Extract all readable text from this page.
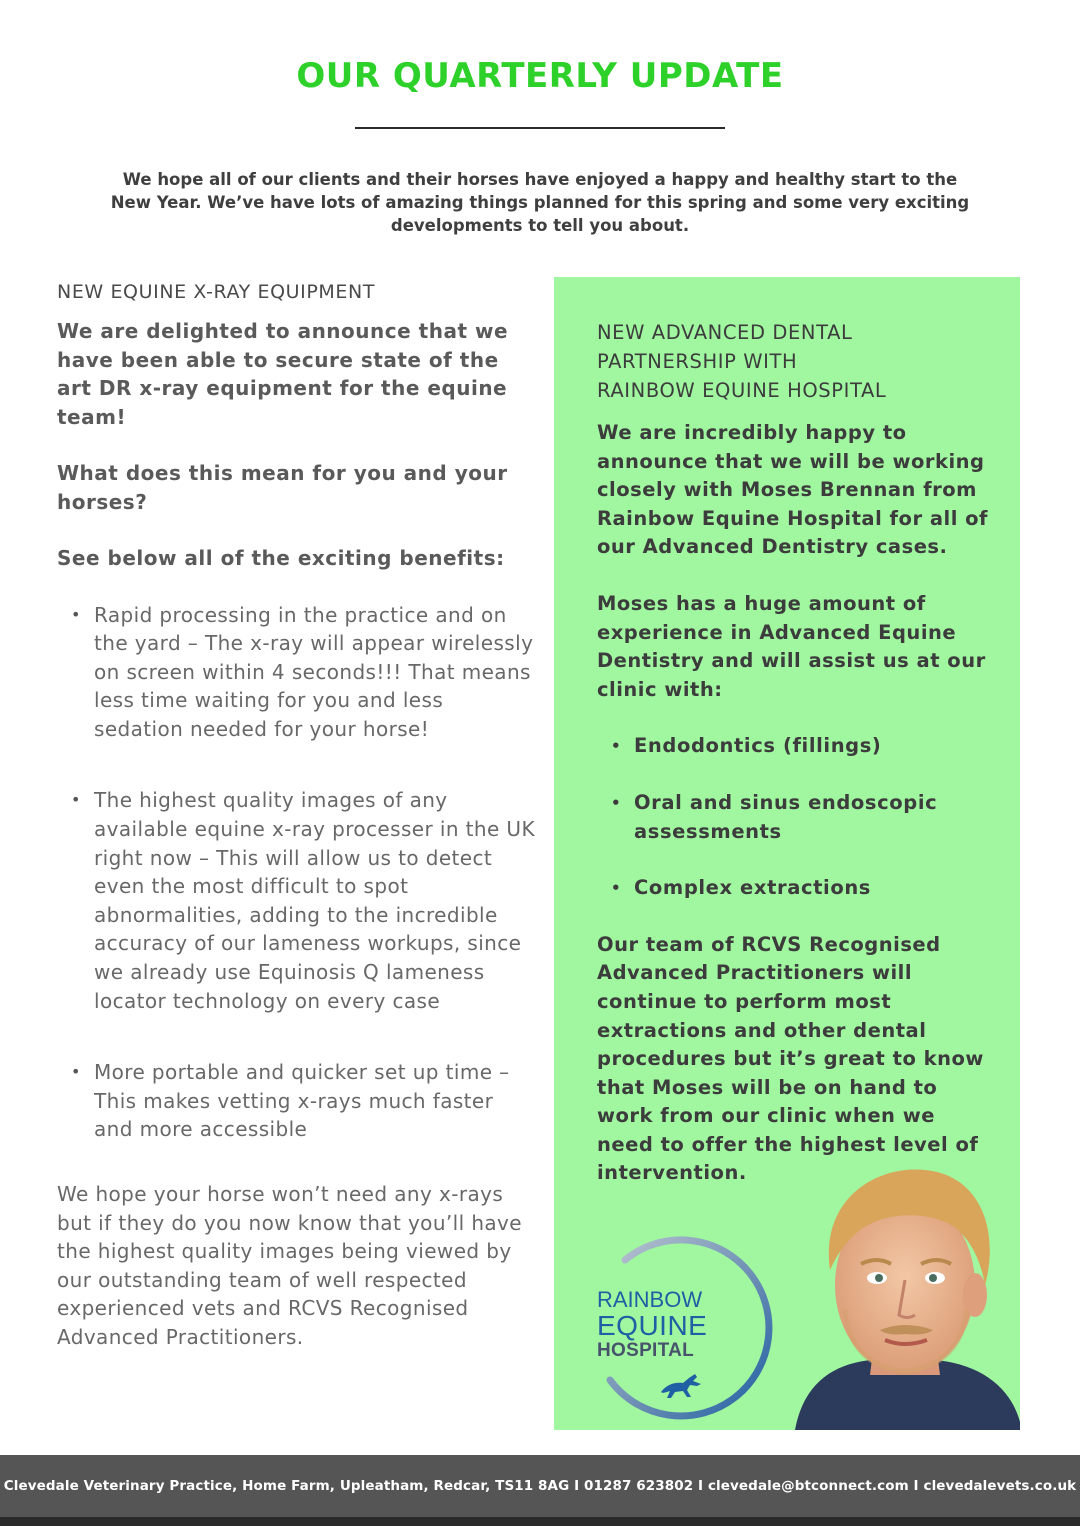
OUR QUARTERLY UPDATE
We hope all of our clients and their horses have enjoyed a happy and healthy start to the New Year. We’ve have lots of amazing things planned for this spring and some very exciting developments to tell you about.

NEW EQUINE X-RAY EQUIPMENT

We are delighted to announce that we have been able to secure state of the art DR x-ray equipment for the equine team!

What does this mean for you and your horses?

See below all of the exciting benefits:

• Rapid processing in the practice and on the yard – The x-ray will appear wirelessly on screen within 4 seconds!!! That means less time waiting for you and less sedation needed for your horse!
• The highest quality images of any available equine x-ray processer in the UK right now – This will allow us to detect even the most difficult to spot abnormalities, adding to the incredible accuracy of our lameness workups, since we already use Equinosis Q lameness locator technology on every case
• More portable and quicker set up time – This makes vetting x-rays much faster and more accessible

We hope your horse won’t need any x-rays but if they do you now know that you’ll have the highest quality images being viewed by our outstanding team of well respected experienced vets and RCVS Recognised Advanced Practitioners.

NEW ADVANCED DENTAL

PARTNERSHIP WITH

RAINBOW EQUINE HOSPITAL

We are incredibly happy to announce that we will be working closely with Moses Brennan from Rainbow Equine Hospital for all of our Advanced Dentistry cases.

Moses has a huge amount of experience in Advanced Equine Dentistry and will assist us at our clinic with:

• Endodontics (fillings)
• Oral and sinus endoscopic assessments
• Complex extractions

Our team of RCVS Recognised Advanced Practitioners will continue to perform most extractions and other dental procedures but it’s great to know that Moses will be on hand to work from our clinic when we need to offer the highest level of intervention.

RAINBOW
EQUINE
HOSPITAL
Clevedale Veterinary Practice, Home Farm, Upleatham, Redcar, TS11 8AG I 01287 623802 I clevedale@btconnect.com I clevedalevets.co.uk
